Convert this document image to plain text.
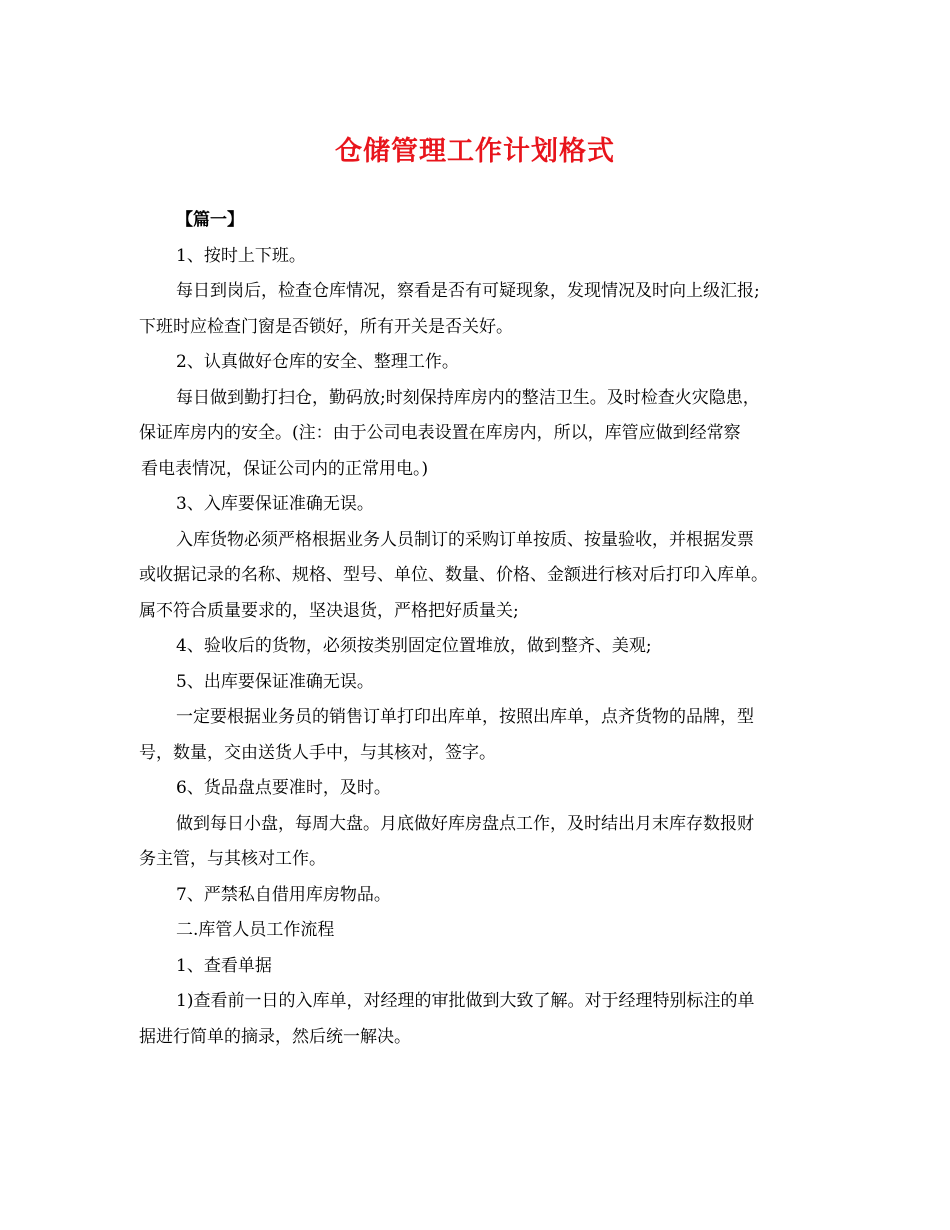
仓储管理工作计划格式

【篇一】

1、按时上下班。

每日到岗后，检查仓库情况，察看是否有可疑现象，发现情况及时向上级汇报;

下班时应检查门窗是否锁好，所有开关是否关好。

2、认真做好仓库的安全、整理工作。

每日做到勤打扫仓，勤码放;时刻保持库房内的整洁卫生。及时检查火灾隐患，

保证库房内的安全。(注：由于公司电表设置在库房内，所以，库管应做到经常察

看电表情况，保证公司内的正常用电。)

3、入库要保证准确无误。

入库货物必须严格根据业务人员制订的采购订单按质、按量验收，并根据发票

或收据记录的名称、规格、型号、单位、数量、价格、金额进行核对后打印入库单。

属不符合质量要求的，坚决退货，严格把好质量关;

4、验收后的货物，必须按类别固定位置堆放，做到整齐、美观;

5、出库要保证准确无误。

一定要根据业务员的销售订单打印出库单，按照出库单，点齐货物的品牌，型

号，数量，交由送货人手中，与其核对，签字。

6、货品盘点要准时，及时。

做到每日小盘，每周大盘。月底做好库房盘点工作，及时结出月末库存数报财

务主管，与其核对工作。

7、严禁私自借用库房物品。

二.库管人员工作流程

1、查看单据

1)查看前一日的入库单，对经理的审批做到大致了解。对于经理特别标注的单

据进行简单的摘录，然后统一解决。
